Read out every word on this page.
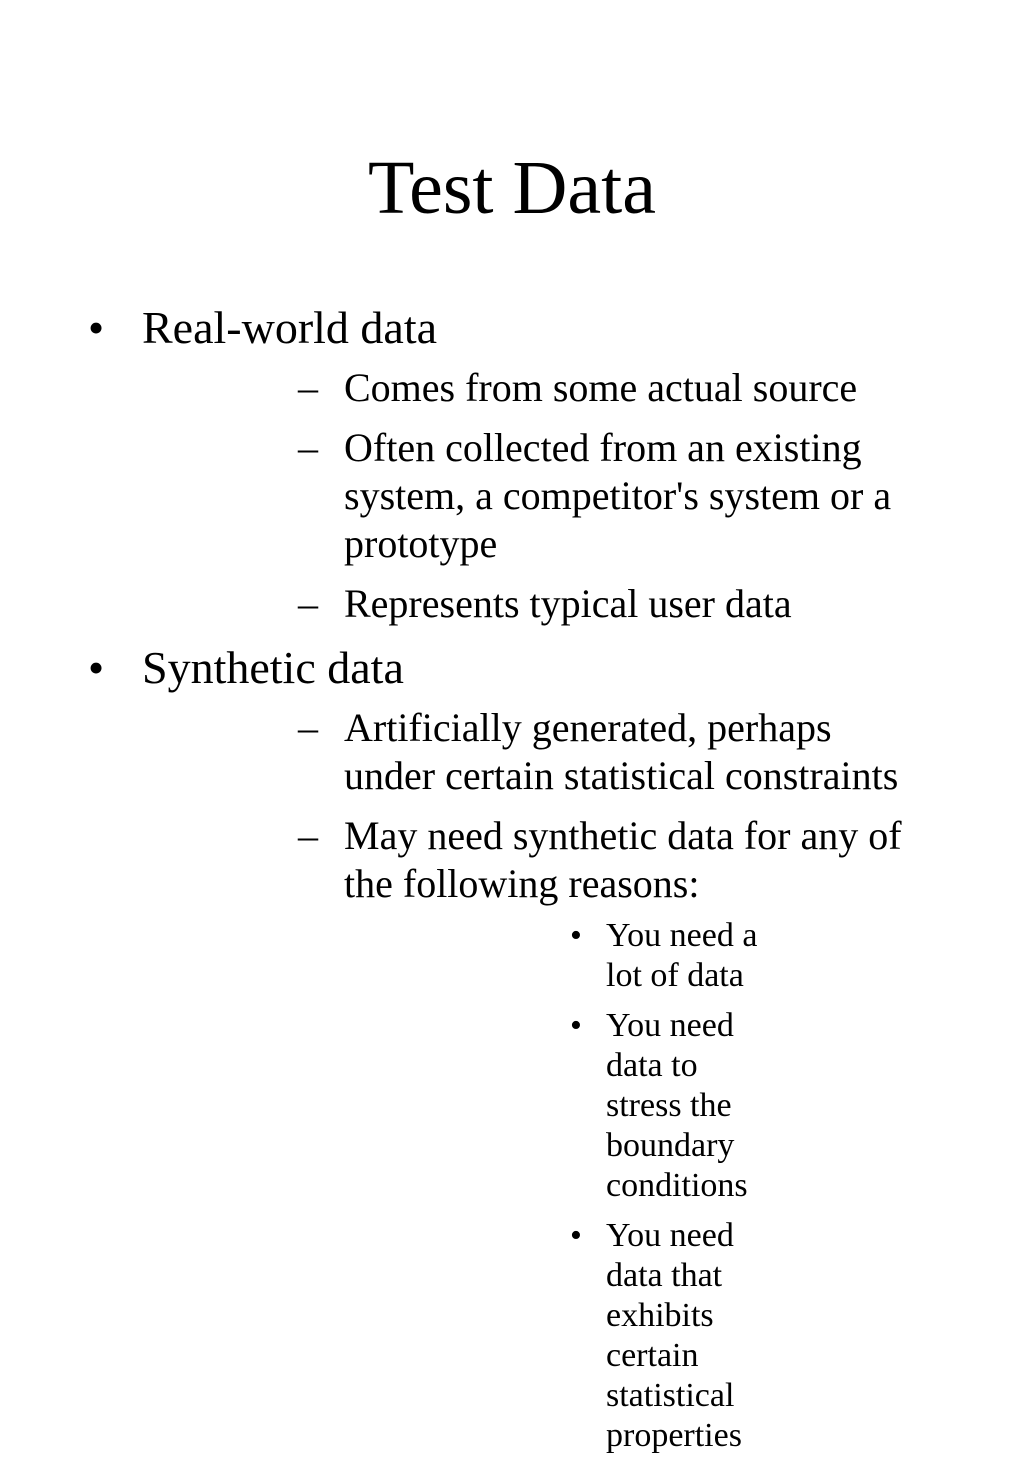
Test Data
• Real-world data
– Comes from some actual source
– Often collected from an existing system, a competitor's system or a prototype
– Represents typical user data
• Synthetic data
– Artificially generated, perhaps under certain statistical constraints
– May need synthetic data for any of the following reasons:
• You need a lot of data
• You need data to stress the boundary conditions
• You need data that exhibits certain statistical properties
